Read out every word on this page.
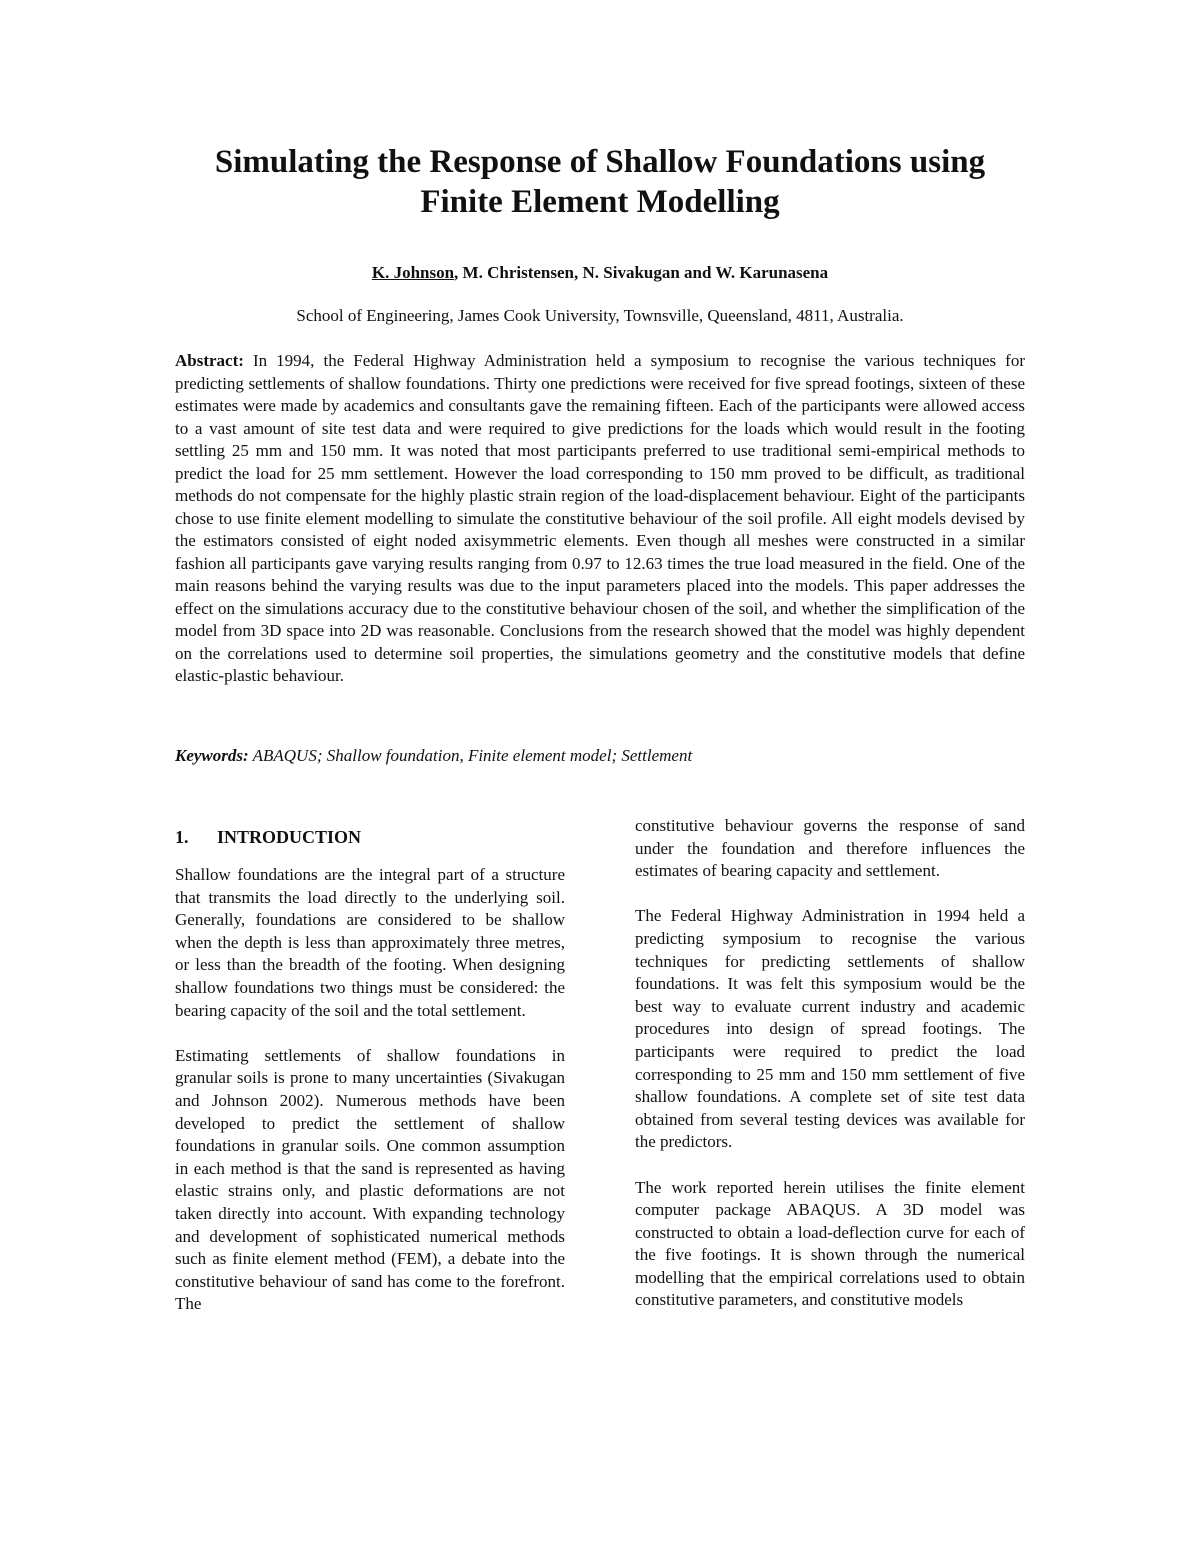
Simulating the Response of Shallow Foundations using
Finite Element Modelling
K. Johnson, M. Christensen, N. Sivakugan and W. Karunasena
School of Engineering, James Cook University, Townsville, Queensland, 4811, Australia.

Abstract: In 1994, the Federal Highway Administration held a symposium to recognise the various techniques for predicting settlements of shallow foundations. Thirty one predictions were received for five spread footings, sixteen of these estimates were made by academics and consultants gave the remaining fifteen. Each of the participants were allowed access to a vast amount of site test data and were required to give predictions for the loads which would result in the footing settling 25 mm and 150 mm. It was noted that most participants preferred to use traditional semi-empirical methods to predict the load for 25 mm settlement. However the load corresponding to 150 mm proved to be difficult, as traditional methods do not compensate for the highly plastic strain region of the load-displacement behaviour. Eight of the participants chose to use finite element modelling to simulate the constitutive behaviour of the soil profile. All eight models devised by the estimators consisted of eight noded axisymmetric elements. Even though all meshes were constructed in a similar fashion all participants gave varying results ranging from 0.97 to 12.63 times the true load measured in the field. One of the main reasons behind the varying results was due to the input parameters placed into the models. This paper addresses the effect on the simulations accuracy due to the constitutive behaviour chosen of the soil, and whether the simplification of the model from 3D space into 2D was reasonable. Conclusions from the research showed that the model was highly dependent on the correlations used to determine soil properties, the simulations geometry and the constitutive models that define elastic-plastic behaviour.

Keywords: ABAQUS; Shallow foundation, Finite element model; Settlement
1. INTRODUCTION

Shallow foundations are the integral part of a structure that transmits the load directly to the underlying soil. Generally, foundations are considered to be shallow when the depth is less than approximately three metres, or less than the breadth of the footing. When designing shallow foundations two things must be considered: the bearing capacity of the soil and the total settlement.

Estimating settlements of shallow foundations in granular soils is prone to many uncertainties (Sivakugan and Johnson 2002). Numerous methods have been developed to predict the settlement of shallow foundations in granular soils. One common assumption in each method is that the sand is represented as having elastic strains only, and plastic deformations are not taken directly into account. With expanding technology and development of sophisticated numerical methods such as finite element method (FEM), a debate into the constitutive behaviour of sand has come to the forefront. The

constitutive behaviour governs the response of sand under the foundation and therefore influences the estimates of bearing capacity and settlement.

The Federal Highway Administration in 1994 held a predicting symposium to recognise the various techniques for predicting settlements of shallow foundations. It was felt this symposium would be the best way to evaluate current industry and academic procedures into design of spread footings. The participants were required to predict the load corresponding to 25 mm and 150 mm settlement of five shallow foundations. A complete set of site test data obtained from several testing devices was available for the predictors.

The work reported herein utilises the finite element computer package ABAQUS. A 3D model was constructed to obtain a load-deflection curve for each of the five footings. It is shown through the numerical modelling that the empirical correlations used to obtain constitutive parameters, and constitutive models
